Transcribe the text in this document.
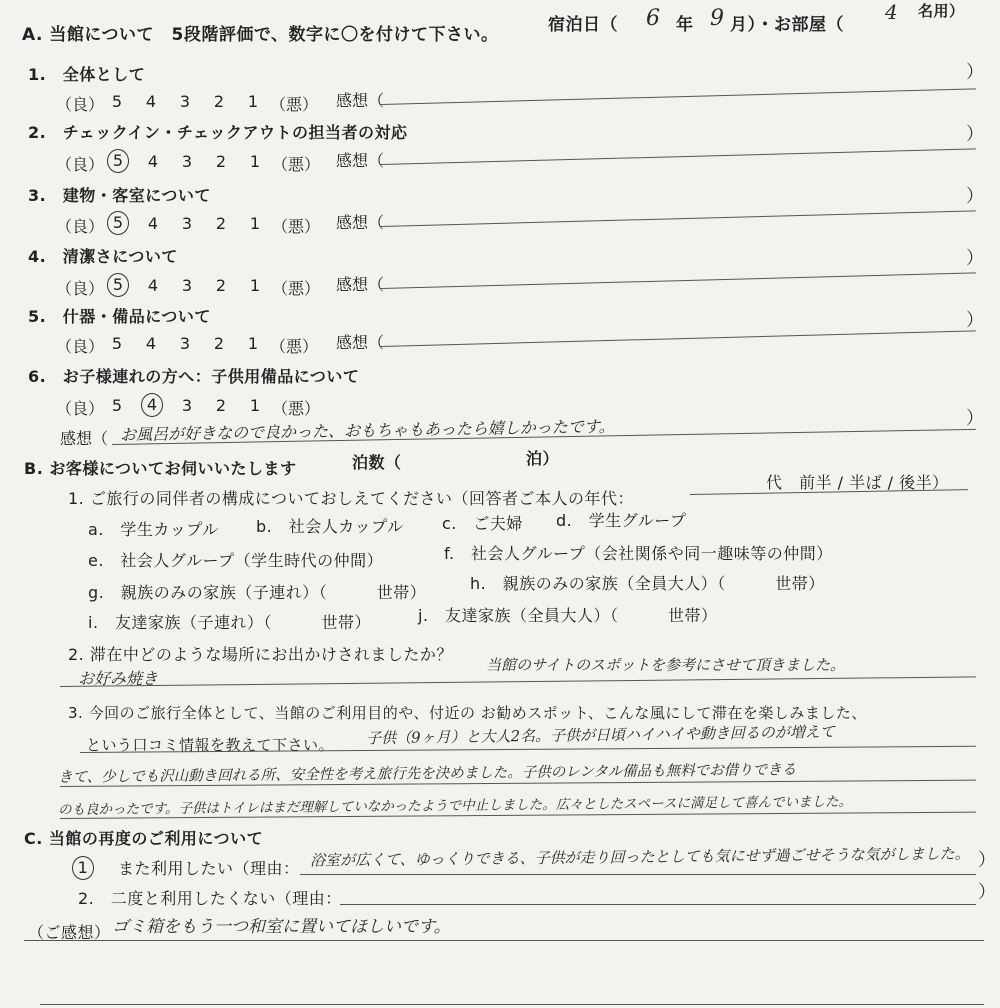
A. 当館について　5段階評価で、数字に〇を付けて下さい。	宿泊日（ 6 年 9 月）・お部屋（
4 名用）
1.　全体として
（良） 5	4	3	2	1 （悪） 感想（
）
2.　チェックイン・チェックアウトの担当者の対応
（良） 5	4	3	2	1 （悪） 感想（
）
3.　建物・客室について
（良） 5	4	3	2	1 （悪） 感想（
）
4.　清潔さについて
（良） 5	4	3	2	1 （悪） 感想（
）
5.　什器・備品について
（良） 5	4	3	2	1 （悪） 感想（
）
6.　お子様連れの方へ：子供用備品について
（良） 5	4	3	2	1 （悪）
感想（ お風呂が好きなので良かった、おもちゃもあったら嬉しかったです。	）
B. お客様についてお伺いいたします	泊数（	泊）
1. ご旅行の同伴者の構成についておしえてください（回答者ご本人の年代：
代　前半 / 半ば / 後半）
a.　学生カップル b.　社会人カップル c.　ご夫婦 d.　学生グループ
e.　社会人グループ（学生時代の仲間）	f.　社会人グループ（会社関係や同一趣味等の仲間）
g.　親族のみの家族（子連れ）（　　　世帯）	h.　親族のみの家族（全員大人）（　　　世帯）
i.　友達家族（子連れ）（　　　世帯）	j.　友達家族（全員大人）（　　　世帯）
2. 滞在中どのような場所にお出かけされましたか？
お好み焼き
当館のサイトのスポットを参考にさせて頂きました。
3. 今回のご旅行全体として、当館のご利用目的や、付近の お勧めスポット、こんな風にして滞在を楽しみました、
という口コミ情報を教えて下さい。 子供（9ヶ月）と大人2名。子供が日頃ハイハイや動き回るのが増えて
きて、少しでも沢山動き回れる所、安全性を考え旅行先を決めました。子供のレンタル備品も無料でお借りできる
のも良かったです。子供はトイレはまだ理解していなかったようで中止しました。広々としたスペースに満足して喜んでいました。
C. 当館の再度のご利用について
1	また利用したい（理由： 浴室が広くて、ゆっくりできる、子供が走り回ったとしても気にせず過ごせそうな気がしました。 ）
2.　二度と利用したくない（理由：	）
（ご感想） ゴミ箱をもう一つ和室に置いてほしいです。
